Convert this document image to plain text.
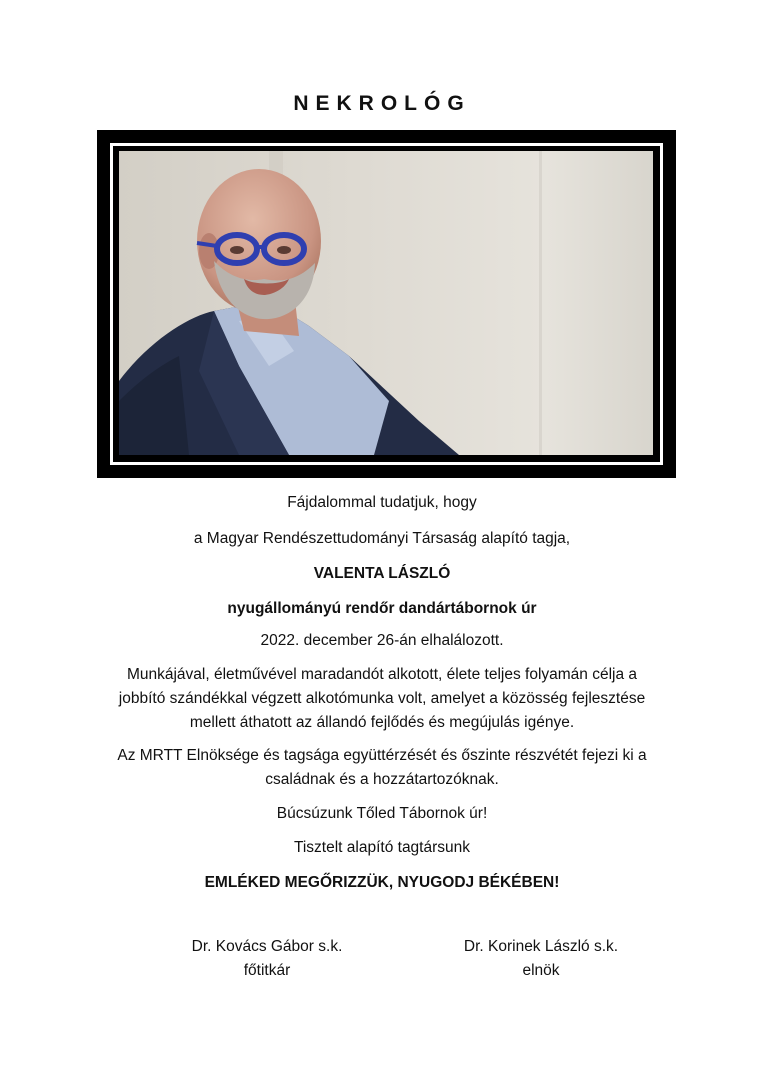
NEKROLÓG
Fájdalommal tudatjuk, hogy
a Magyar Rendészettudományi Társaság alapító tagja,
VALENTA LÁSZLÓ
nyugállományú rendőr dandártábornok úr
2022. december 26-án elhalálozott.
Munkájával, életművével maradandót alkotott, élete teljes folyamán célja a
jobbító szándékkal végzett alkotómunka volt, amelyet a közösség fejlesztése
mellett áthatott az állandó fejlődés és megújulás igénye.
Az MRTT Elnöksége és tagsága együttérzését és őszinte részvétét fejezi ki a
családnak és a hozzátartozóknak.
Búcsúzunk Tőled Tábornok úr!
Tisztelt alapító tagtársunk
EMLÉKED MEGŐRIZZÜK, NYUGODJ BÉKÉBEN!
Dr. Kovács Gábor s.k.
főtitkár
Dr. Korinek László s.k.
elnök
